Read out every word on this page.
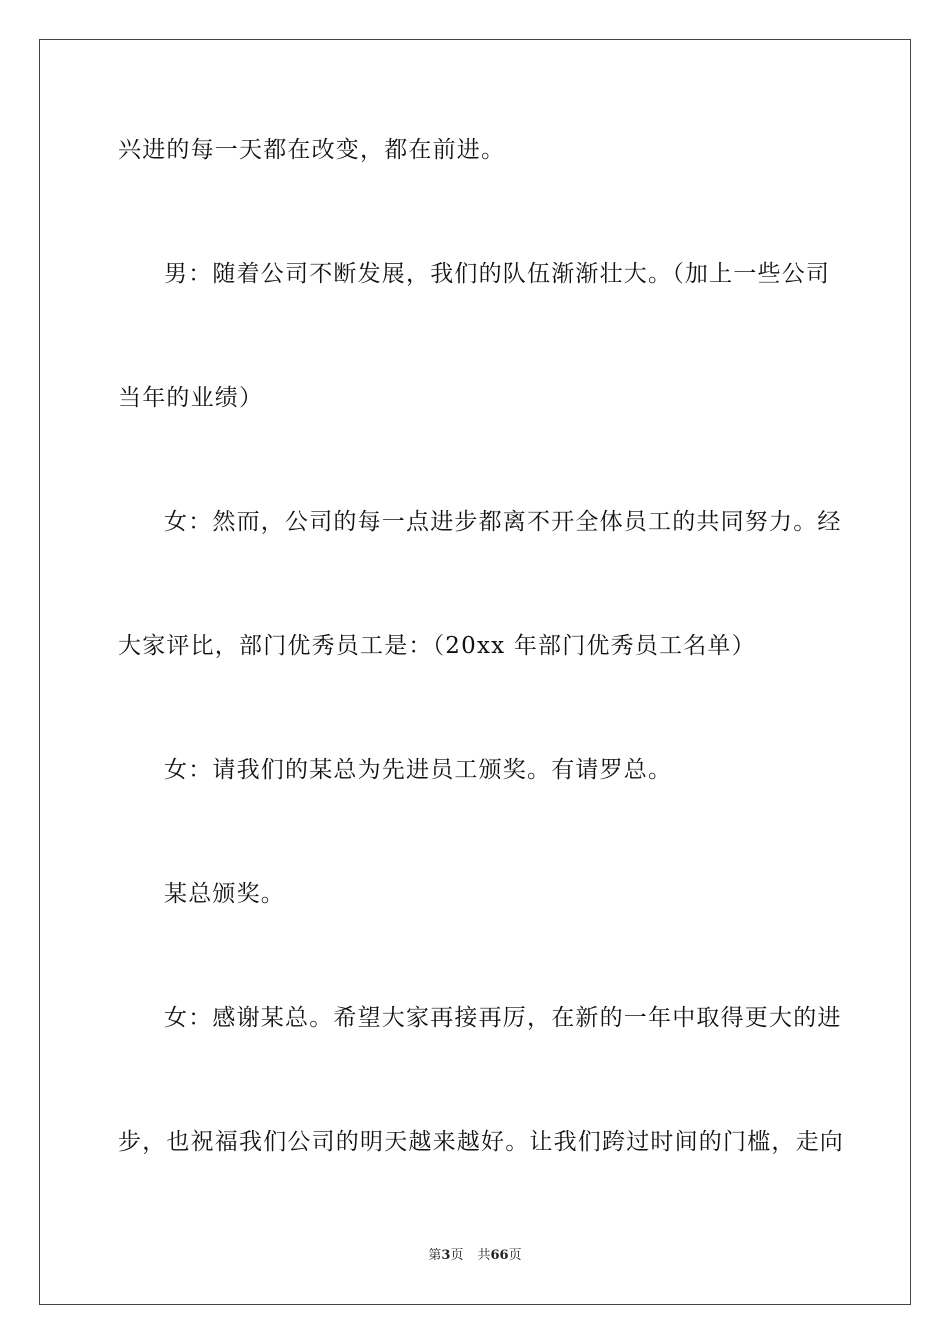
兴进的每一天都在改变，都在前进。
男：随着公司不断发展，我们的队伍渐渐壮大。（加上一些公司
当年的业绩）
女：然而，公司的每一点进步都离不开全体员工的共同努力。经
大家评比，部门优秀员工是：（20xx 年部门优秀员工名单）
女：请我们的某总为先进员工颁奖。有请罗总。
某总颁奖。
女：感谢某总。希望大家再接再厉，在新的一年中取得更大的进
步，也祝福我们公司的明天越来越好。让我们跨过时间的门槛，走向
第3页 共66页
